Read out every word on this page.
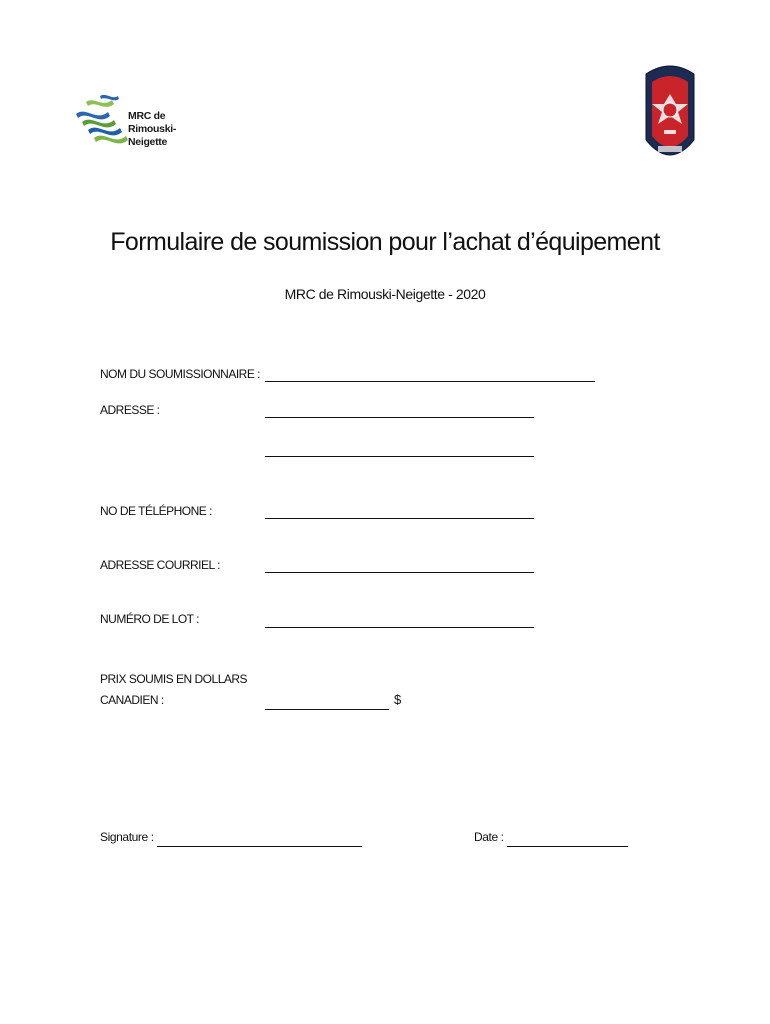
MRC de
Rimouski-Neigette
Formulaire de soumission pour l’achat d’équipement
MRC de Rimouski-Neigette - 2020
NOM DU SOUMISSIONNAIRE :
ADRESSE :
NO DE TÉLÉPHONE :
ADRESSE COURRIEL :
NUMÉRO DE LOT :
PRIX SOUMIS EN DOLLARS
CANADIEN :	$
Signature :	Date :
